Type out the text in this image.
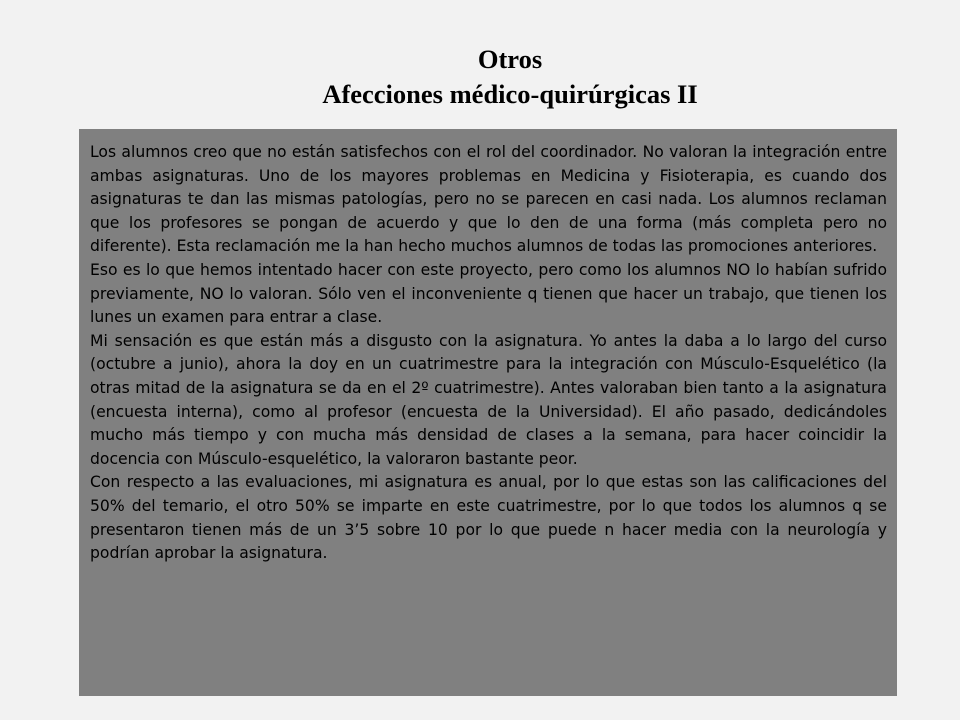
Otros
Afecciones médico-quirúrgicas II

Los alumnos creo que no están satisfechos con el rol del coordinador. No valoran la integración entre ambas asignaturas. Uno de los mayores problemas en Medicina y Fisioterapia, es cuando dos asignaturas te dan las mismas patologías, pero no se parecen en casi nada. Los alumnos reclaman que los profesores se pongan de acuerdo y que lo den de una forma (más completa pero no diferente). Esta reclamación me la han hecho muchos alumnos de todas las promociones anteriores.

Eso es lo que hemos intentado hacer con este proyecto, pero como los alumnos NO lo habían sufrido previamente, NO lo valoran. Sólo ven el inconveniente q tienen que hacer un trabajo, que tienen los lunes un examen para entrar a clase.

Mi sensación es que están más a disgusto con la asignatura. Yo antes la daba a lo largo del curso (octubre a junio), ahora la doy en un cuatrimestre para la integración con Músculo-Esquelético (la otras mitad de la asignatura se da en el 2º cuatrimestre). Antes valoraban bien tanto a la asignatura (encuesta interna), como al profesor (encuesta de la Universidad). El año pasado, dedicándoles mucho más tiempo y con mucha más densidad de clases a la semana, para hacer coincidir la docencia con Músculo-esquelético, la valoraron bastante peor.

Con respecto a las evaluaciones, mi asignatura es anual, por lo que estas son las calificaciones del 50% del temario, el otro 50% se imparte en este cuatrimestre, por lo que todos los alumnos q se presentaron tienen más de un 3’5 sobre 10 por lo que puede n hacer media con la neurología y podrían aprobar la asignatura.
